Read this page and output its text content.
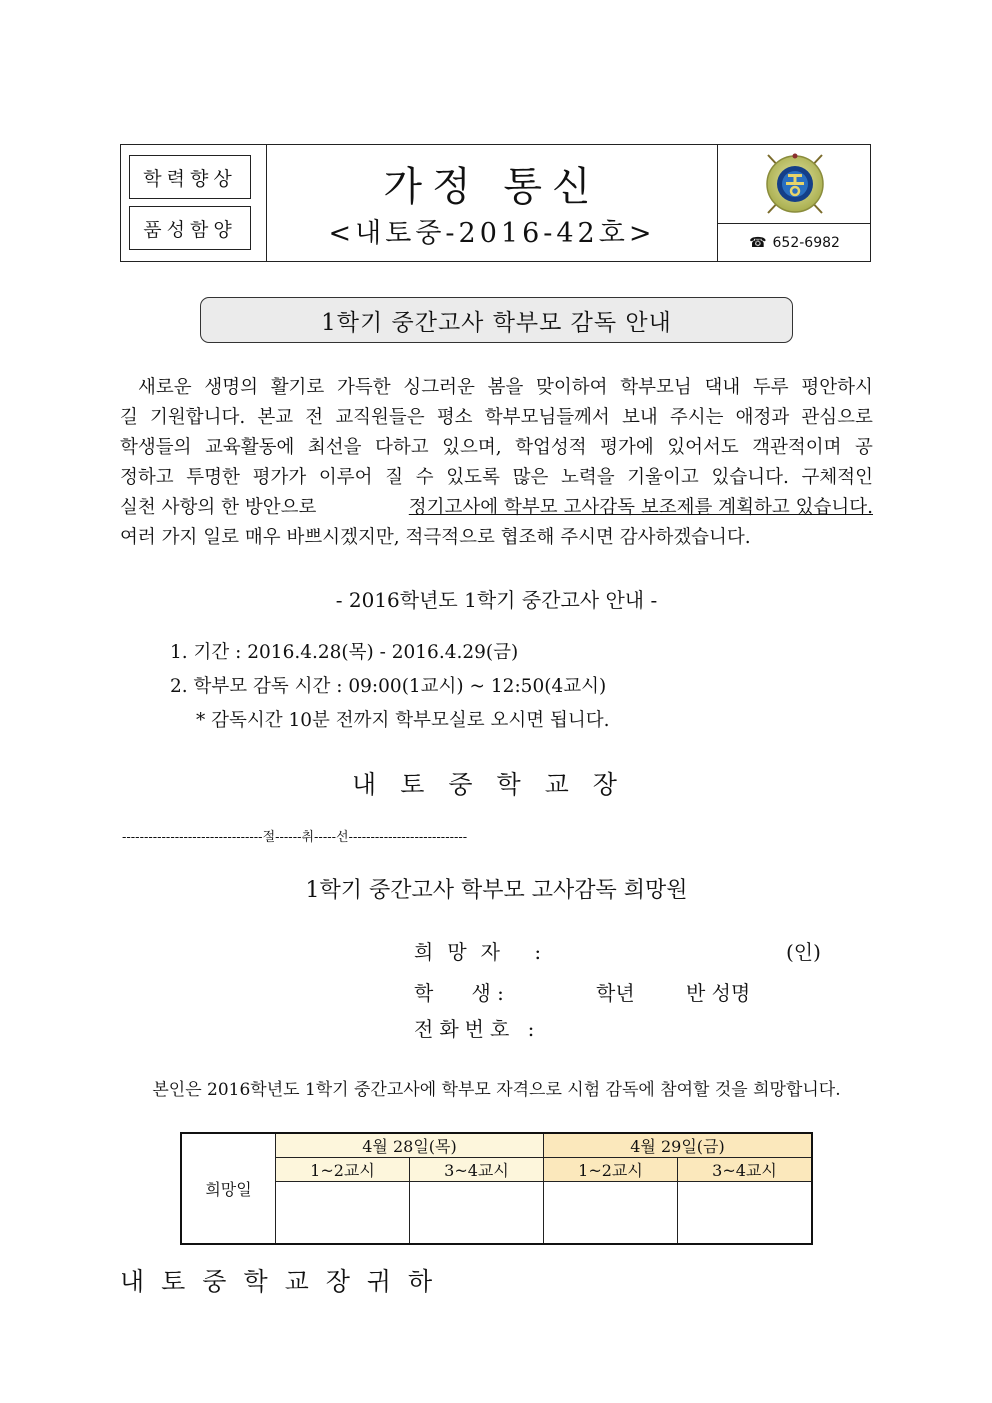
학력향상
품성함양
가정 통신
<내토중-2016-42호>	☎ 652-6982
1학기 중간고사 학부모 감독 안내
새로운 생명의 활기로 가득한 싱그러운 봄을 맞이하여 학부모님 댁내 두루 평안하시
길 기원합니다. 본교 전 교직원들은 평소 학부모님들께서 보내 주시는 애정과 관심으로
학생들의 교육활동에 최선을 다하고 있으며, 학업성적 평가에 있어서도 객관적이며 공
정하고 투명한 평가가 이루어 질 수 있도록 많은 노력을 기울이고 있습니다. 구체적인
실천 사항의 한 방안으로	정기고사에 학부모 고사감독 보조제를 계획하고 있습니다.
여러 가지 일로 매우 바쁘시겠지만, 적극적으로 협조해 주시면 감사하겠습니다.
- 2016학년도 1학기 중간고사 안내 -
1. 기간 : 2016.4.28(목) - 2016.4.29(금)
2. 학부모 감독 시간 : 09:00(1교시) ~ 12:50(4교시)
* 감독시간 10분 전까지 학부모실로 오시면 됩니다.
내토중학교장
--------------------------------절------취-----선---------------------------
1학기 중간고사 학부모 고사감독 희망원
희망자 :	(인)
학      생 :	학년	반 성명
전화번호 :
본인은 2016학년도 1학기 중간고사에 학부모 자격으로 시험 감독에 참여할 것을 희망합니다.
희망일	4월 28일(목)		4월 29일(금)	
	1~2교시	3~4교시	1~2교시	3~4교시

내토중학교장귀하
